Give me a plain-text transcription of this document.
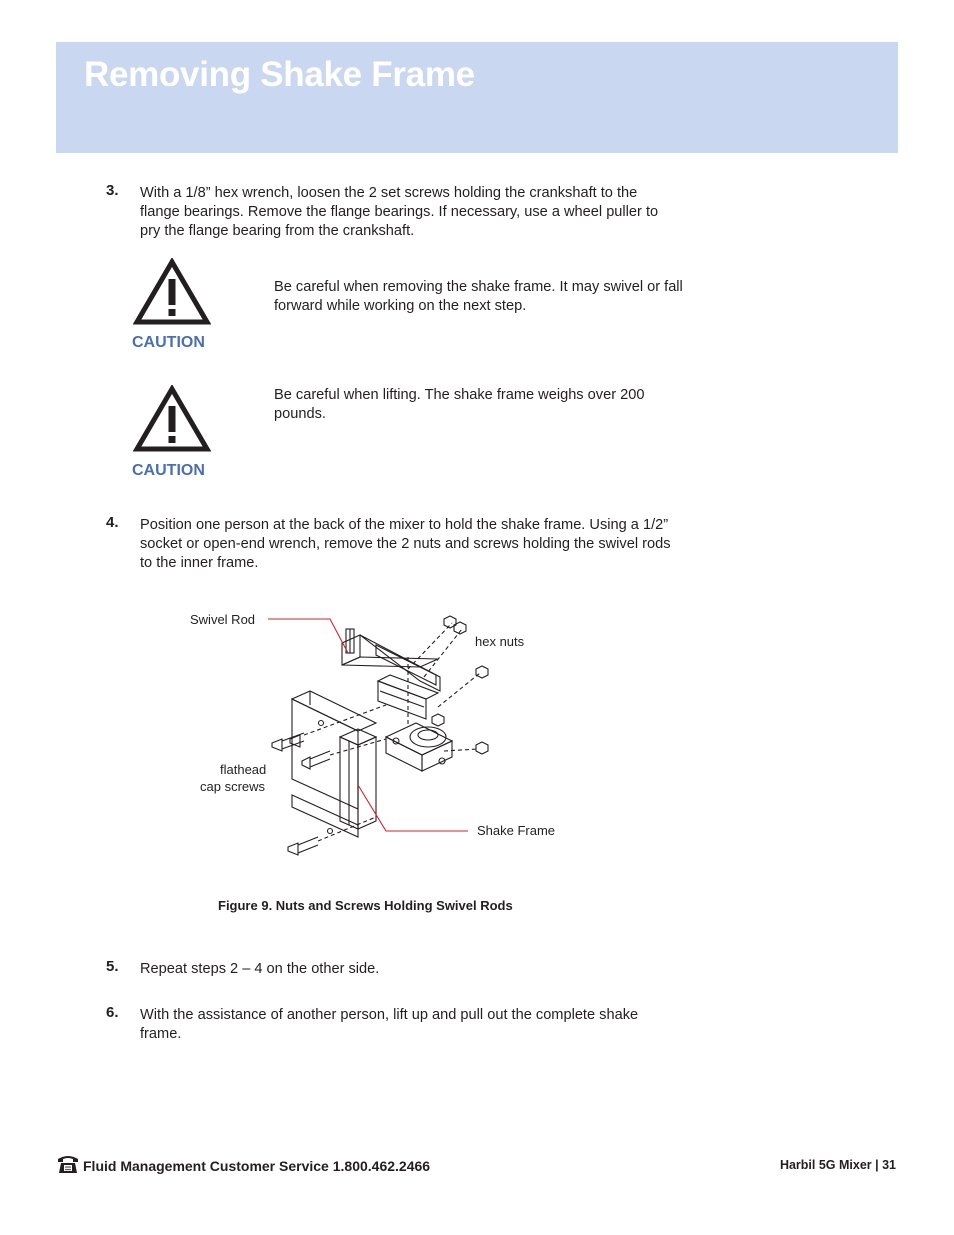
Removing Shake Frame
3. With a 1/8” hex wrench, loosen the 2 set screws holding the crankshaft to the flange bearings. Remove the flange bearings. If necessary, use a wheel puller to pry the flange bearing from the crankshaft.
CAUTION
Be careful when removing the shake frame. It may swivel or fall forward while working on the next step.
CAUTION
Be careful when lifting. The shake frame weighs over 200 pounds.
4. Position one person at the back of the mixer to hold the shake frame. Using a 1/2” socket or open-end wrench, remove the 2 nuts and screws holding the swivel rods to the inner frame.
Swivel Rod
hex nuts
flathead
cap screws
Shake Frame
Figure 9. Nuts and Screws Holding Swivel Rods
5. Repeat steps 2 – 4 on the other side.
6. With the assistance of another person, lift up and pull out the complete shake frame.
Fluid Management Customer Service 1.800.462.2466	Harbil 5G Mixer | 31
